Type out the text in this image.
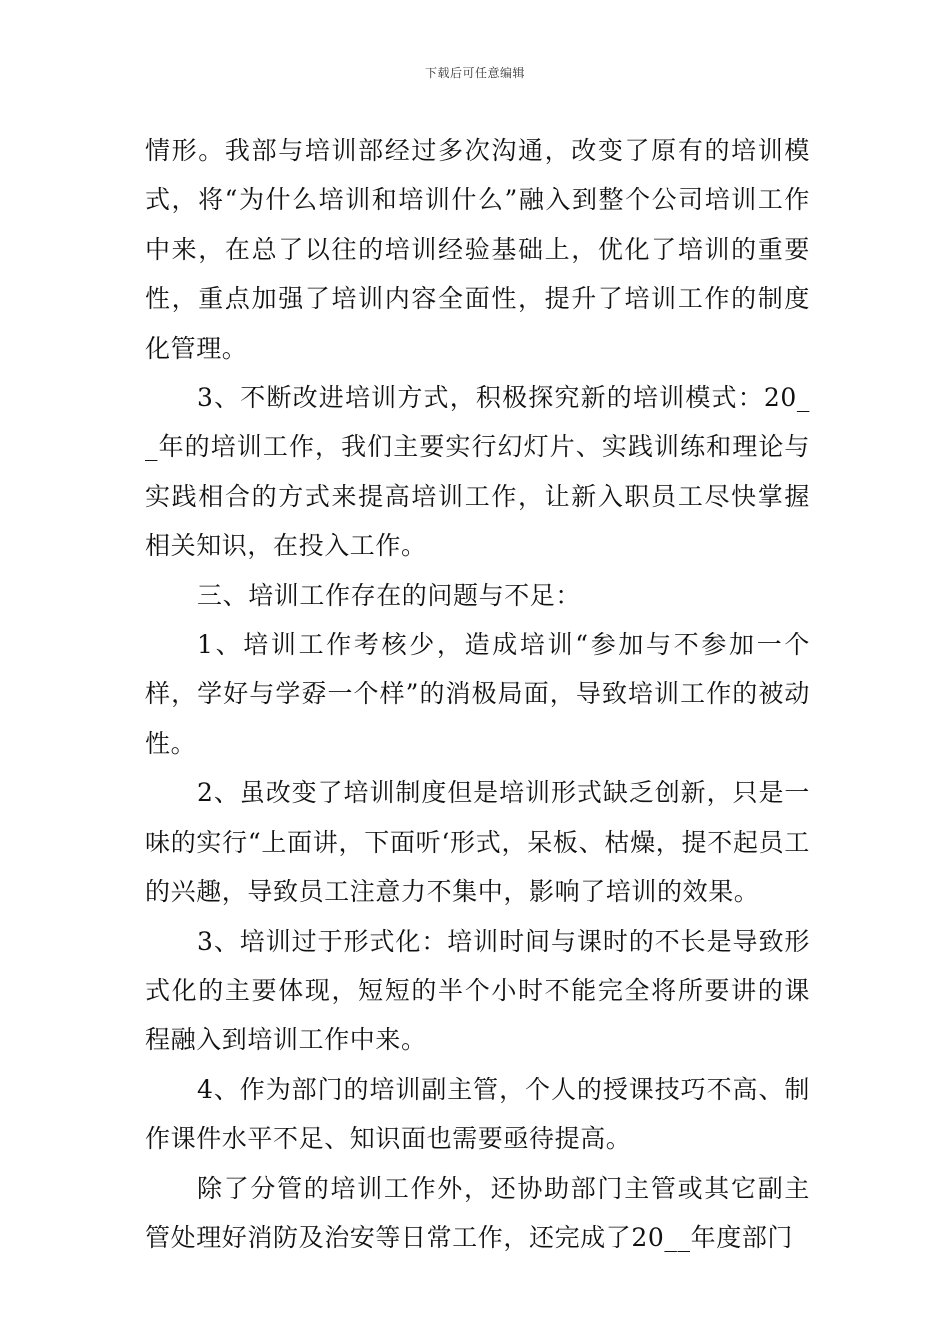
下载后可任意编辑

情形。我部与培训部经过多次沟通，改变了原有的培训模式，将“为什么培训和培训什么”融入到整个公司培训工作中来，在总了以往的培训经验基础上，优化了培训的重要性，重点加强了培训内容全面性，提升了培训工作的制度化管理。

3、不断改进培训方式，积极探究新的培训模式：20__年的培训工作，我们主要实行幻灯片、实践训练和理论与实践相合的方式来提高培训工作，让新入职员工尽快掌握相关知识，在投入工作。

三、培训工作存在的问题与不足：

1、培训工作考核少，造成培训“参加与不参加一个样，学好与学孬一个样”的消极局面，导致培训工作的被动性。

2、虽改变了培训制度但是培训形式缺乏创新，只是一味的实行“上面讲，下面听‘形式，呆板、枯燥，提不起员工的兴趣，导致员工注意力不集中，影响了培训的效果。

3、培训过于形式化：培训时间与课时的不长是导致形式化的主要体现，短短的半个小时不能完全将所要讲的课程融入到培训工作中来。

4、作为部门的培训副主管，个人的授课技巧不高、制作课件水平不足、知识面也需要亟待提高。

除了分管的培训工作外，还协助部门主管或其它副主管处理好消防及治安等日常工作，还完成了20__年度部门
